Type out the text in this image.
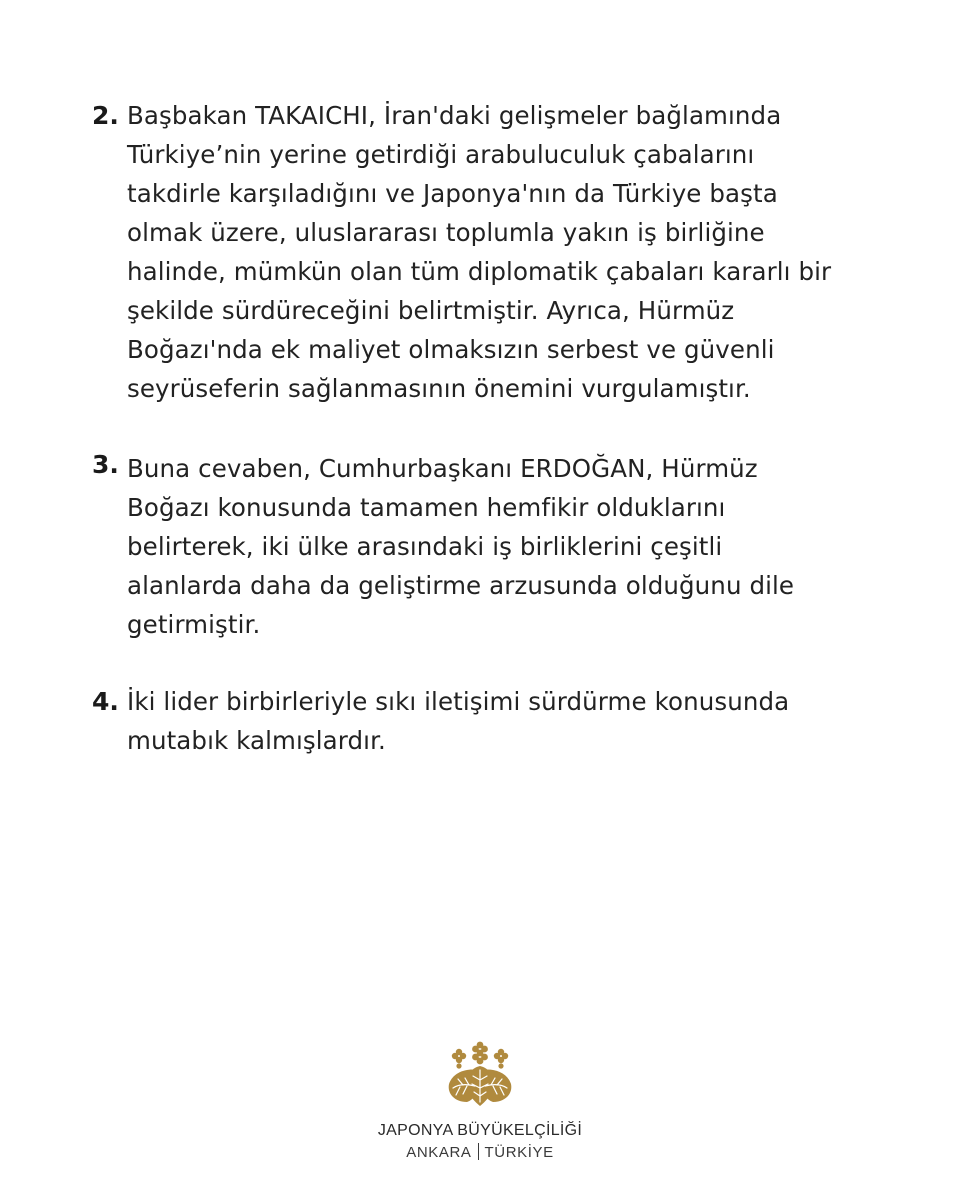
2. Başbakan TAKAICHI, İran'daki gelişmeler bağlamında
Türkiye’nin yerine getirdiği arabuluculuk çabalarını
takdirle karşıladığını ve Japonya'nın da Türkiye başta
olmak üzere, uluslararası toplumla yakın iş birliğine
halinde, mümkün olan tüm diplomatik çabaları kararlı bir
şekilde sürdüreceğini belirtmiştir. Ayrıca, Hürmüz
Boğazı'nda ek maliyet olmaksızın serbest ve güvenli
seyrüseferin sağlanmasının önemini vurgulamıştır.
3. Buna cevaben, Cumhurbaşkanı ERDOĞAN, Hürmüz
Boğazı konusunda tamamen hemfikir olduklarını
belirterek, iki ülke arasındaki iş birliklerini çeşitli
alanlarda daha da geliştirme arzusunda olduğunu dile
getirmiştir.
4. İki lider birbirleriyle sıkı iletişimi sürdürme konusunda
mutabık kalmışlardır.
JAPONYA BÜYÜKELÇİLİĞİ
ANKARA TÜRKİYE
